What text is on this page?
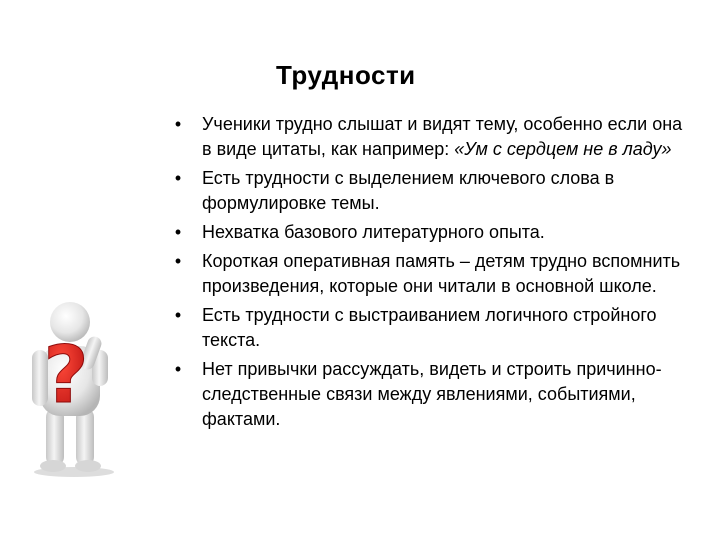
Трудности
• Ученики трудно слышат и видят тему, особенно если она в виде цитаты, как например: «Ум с сердцем не в ладу»
• Есть трудности с выделением ключевого слова в формулировке темы.
• Нехватка базового литературного опыта.
• Короткая оперативная память – детям трудно вспомнить произведения, которые они читали в основной школе.
• Есть трудности с выстраиванием логичного стройного текста.
• Нет привычки рассуждать, видеть и строить причинно-следственные связи между явлениями, событиями, фактами.
?
